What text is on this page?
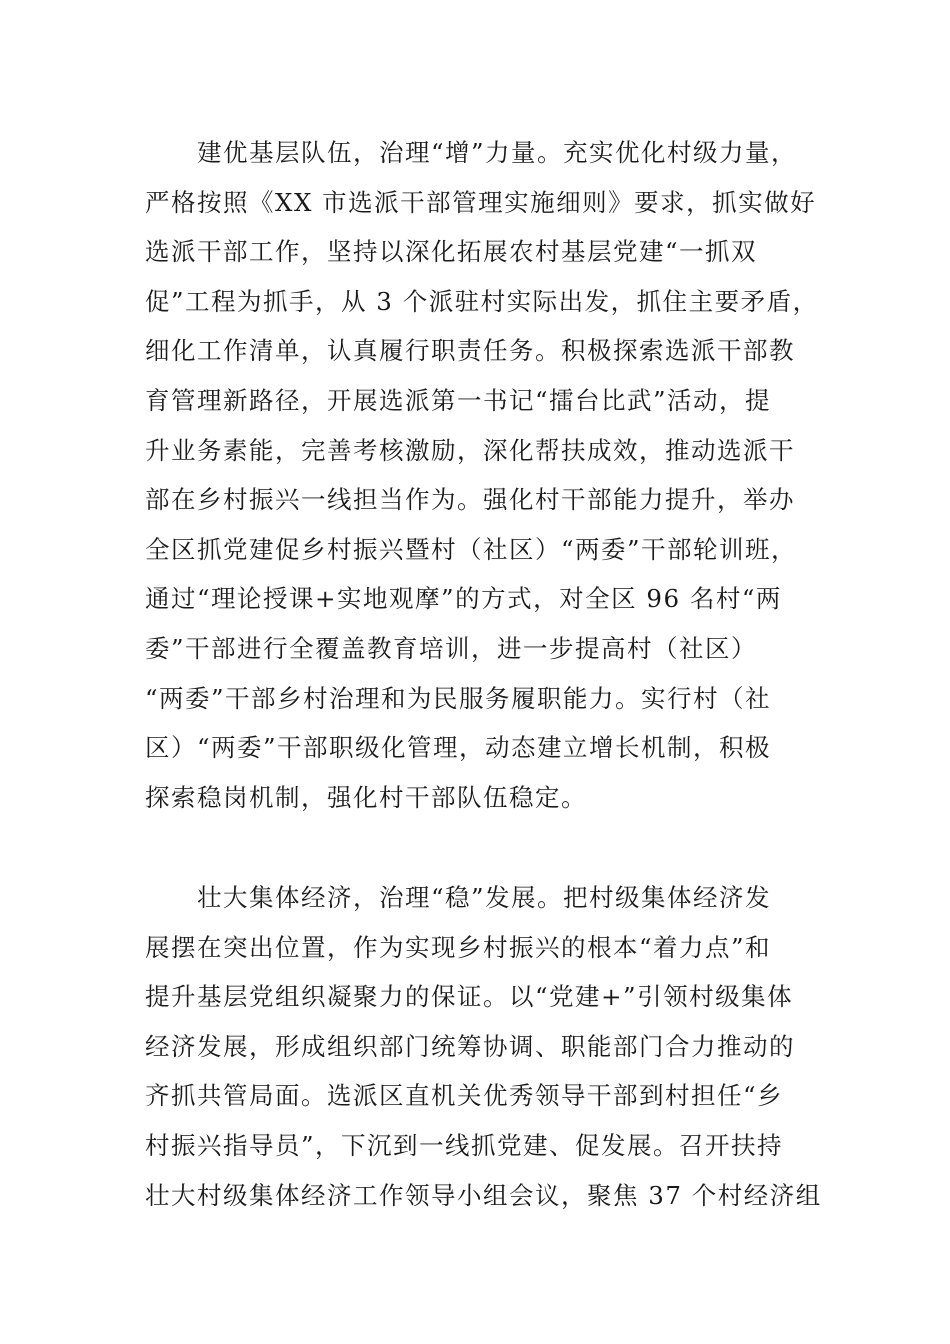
建优基层队伍，治理“增”力量。充实优化村级力量，
严格按照《XX 市选派干部管理实施细则》要求，抓实做好
选派干部工作，坚持以深化拓展农村基层党建“一抓双
促”工程为抓手，从 3 个派驻村实际出发，抓住主要矛盾，
细化工作清单，认真履行职责任务。积极探索选派干部教
育管理新路径，开展选派第一书记“擂台比武”活动，提
升业务素能，完善考核激励，深化帮扶成效，推动选派干
部在乡村振兴一线担当作为。强化村干部能力提升，举办
全区抓党建促乡村振兴暨村（社区）“两委”干部轮训班，
通过“理论授课+实地观摩”的方式，对全区 96 名村“两
委”干部进行全覆盖教育培训，进一步提高村（社区）
“两委”干部乡村治理和为民服务履职能力。实行村（社
区）“两委”干部职级化管理，动态建立增长机制，积极
探索稳岗机制，强化村干部队伍稳定。
壮大集体经济，治理“稳”发展。把村级集体经济发
展摆在突出位置，作为实现乡村振兴的根本“着力点”和
提升基层党组织凝聚力的保证。以“党建+”引领村级集体
经济发展，形成组织部门统筹协调、职能部门合力推动的
齐抓共管局面。选派区直机关优秀领导干部到村担任“乡
村振兴指导员”，下沉到一线抓党建、促发展。召开扶持
壮大村级集体经济工作领导小组会议，聚焦 37 个村经济组
